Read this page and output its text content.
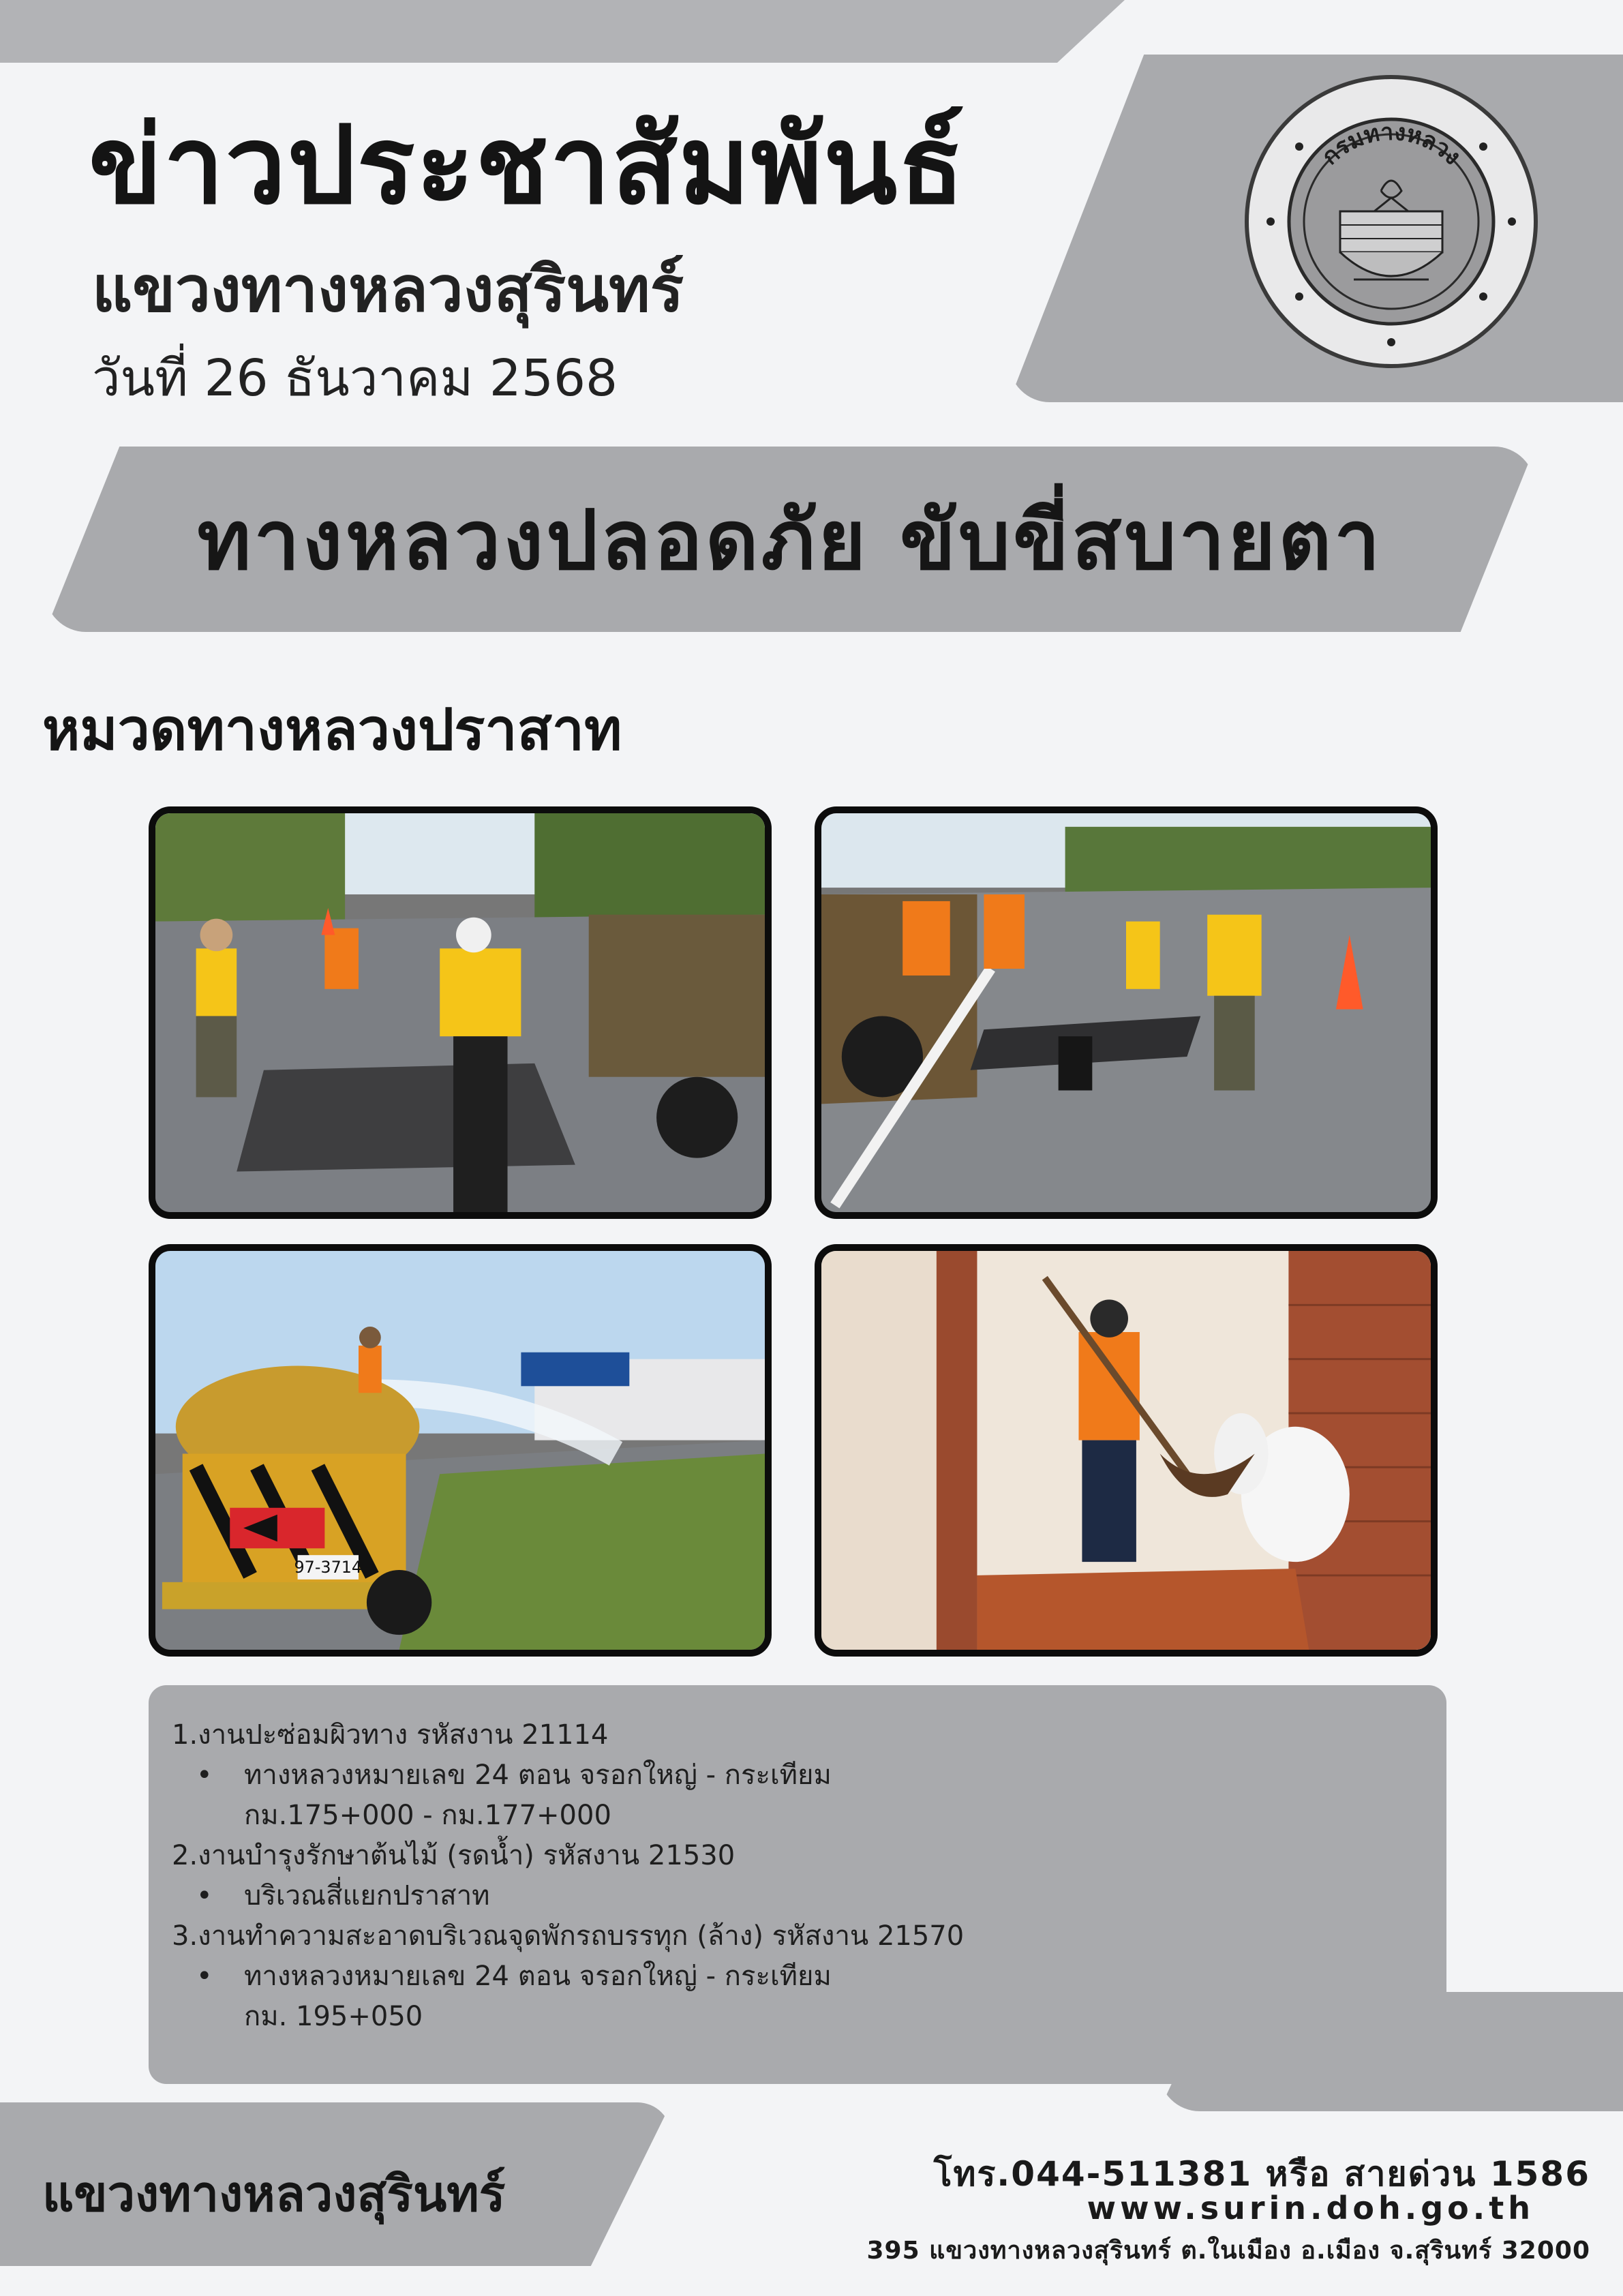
ข่าวประชาสัมพันธ์
แขวงทางหลวงสุรินทร์
วันที่ 26 ธันวาคม 2568
กรมทางหลวง
ทางหลวงปลอดภัย ขับขี่สบายตา
หมวดทางหลวงปราสาท
97-3714
1.งานปะซ่อมผิวทาง รหัสงาน 21114
•	ทางหลวงหมายเลข 24 ตอน จรอกใหญ่ - กระเทียม
กม.175+000 - กม.177+000
2.งานบำรุงรักษาต้นไม้ (รดน้ำ) รหัสงาน 21530
•	บริเวณสี่แยกปราสาท
3.งานทำความสะอาดบริเวณจุดพักรถบรรทุก (ล้าง) รหัสงาน 21570
•	ทางหลวงหมายเลข 24 ตอน จรอกใหญ่ - กระเทียม
กม. 195+050
แขวงทางหลวงสุรินทร์	โทร.044-511381 หรือ สายด่วน 1586
www.surin.doh.go.th
395 แขวงทางหลวงสุรินทร์ ต.ในเมือง อ.เมือง จ.สุรินทร์ 32000
